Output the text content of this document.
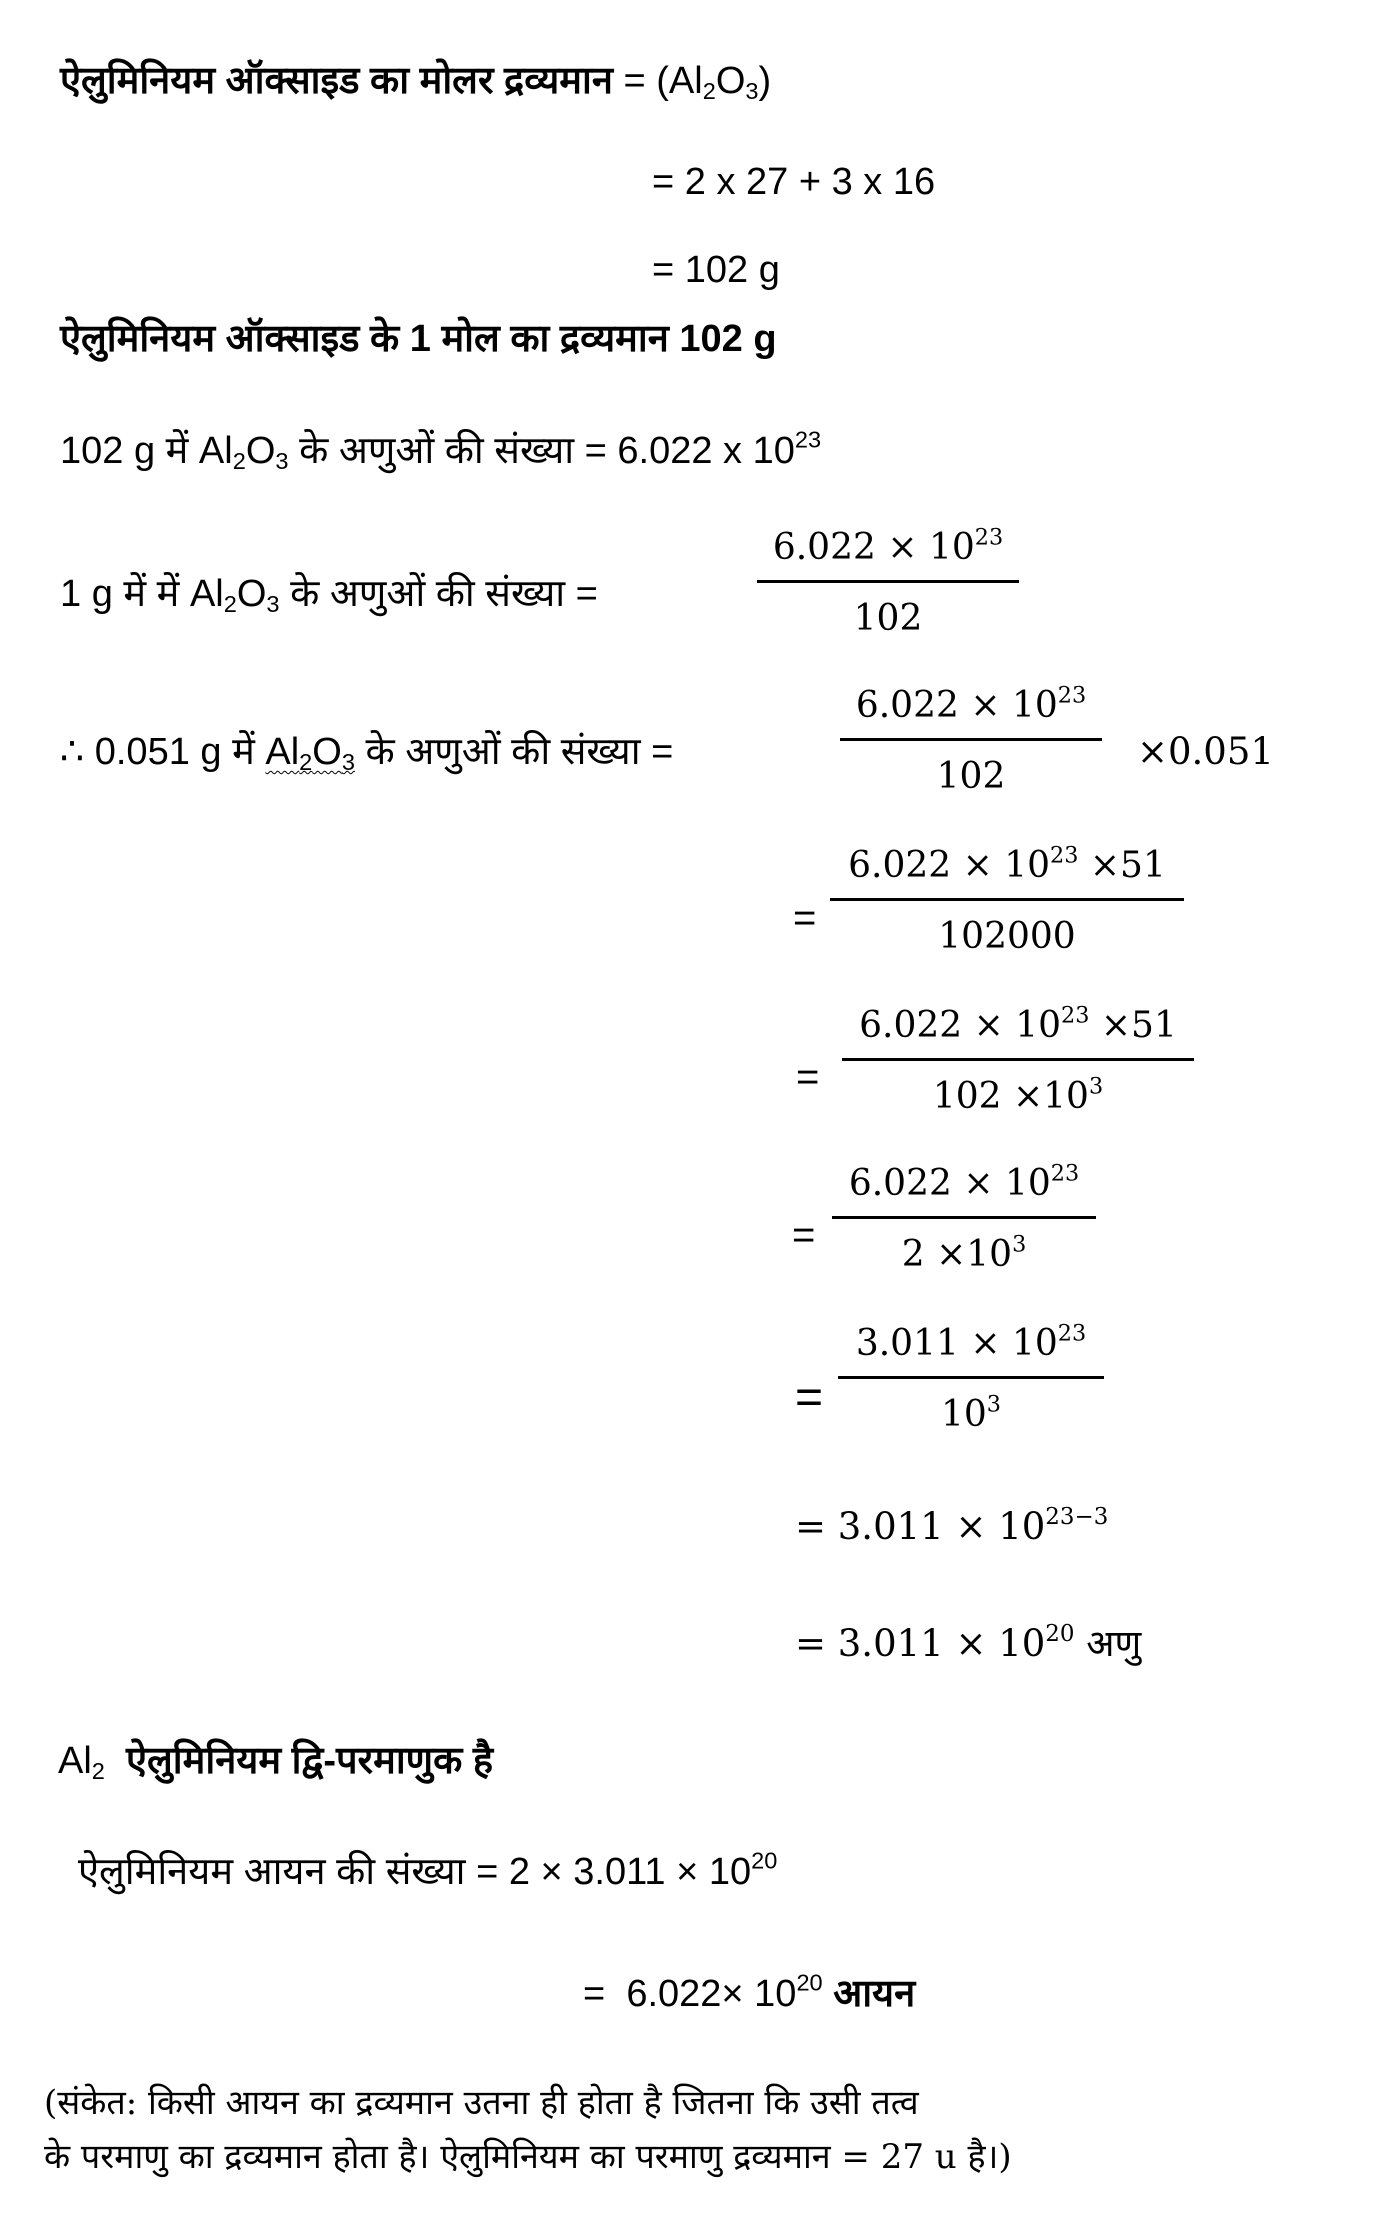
ऐलुमिनियम ऑक्साइड का मोलर द्रव्यमान = $(Al_2O_3)$
= 2 x 27 + 3 x 16
= 102 g
ऐलुमिनियम ऑक्साइड के 1 मोल का द्रव्यमान 102 g
102 g में $Al_2O_3$ के अणुओं की संख्या = 6.022 x $10^{23}$
1 g में में $Al_2O_3$ के अणुओं की संख्या =
$6.022 \times 10^{23}$
102
∴ 0.051 g में $Al_2O_3$ के अणुओं की संख्या =
$6.022 \times 10^{23}$
102
×0.051
=
$6.022 \times 10^{23} \times 51$
102000
=
$6.022 \times 10^{23} \times 51$
$102 \times 10^3$
=
$6.022 \times 10^{23}$
$2 \times 10^3$
=
$3.011 \times 10^{23}$
$10^3$
= $3.011 \times 10^{23-3}$
= $3.011 \times 10^{20}$ अणु
$Al_2$ ऐलुमिनियम द्वि-परमाणुक है
ऐलुमिनियम आयन की संख्या = $2 \times 3.011 \times 10^{20}$
= $6.022\times 10^{20}$ आयन
(संकेत: किसी आयन का द्रव्यमान उतना ही होता है जितना कि उसी तत्व
के परमाणु का द्रव्यमान होता है। ऐलुमिनियम का परमाणु द्रव्यमान = 27 u है।)
